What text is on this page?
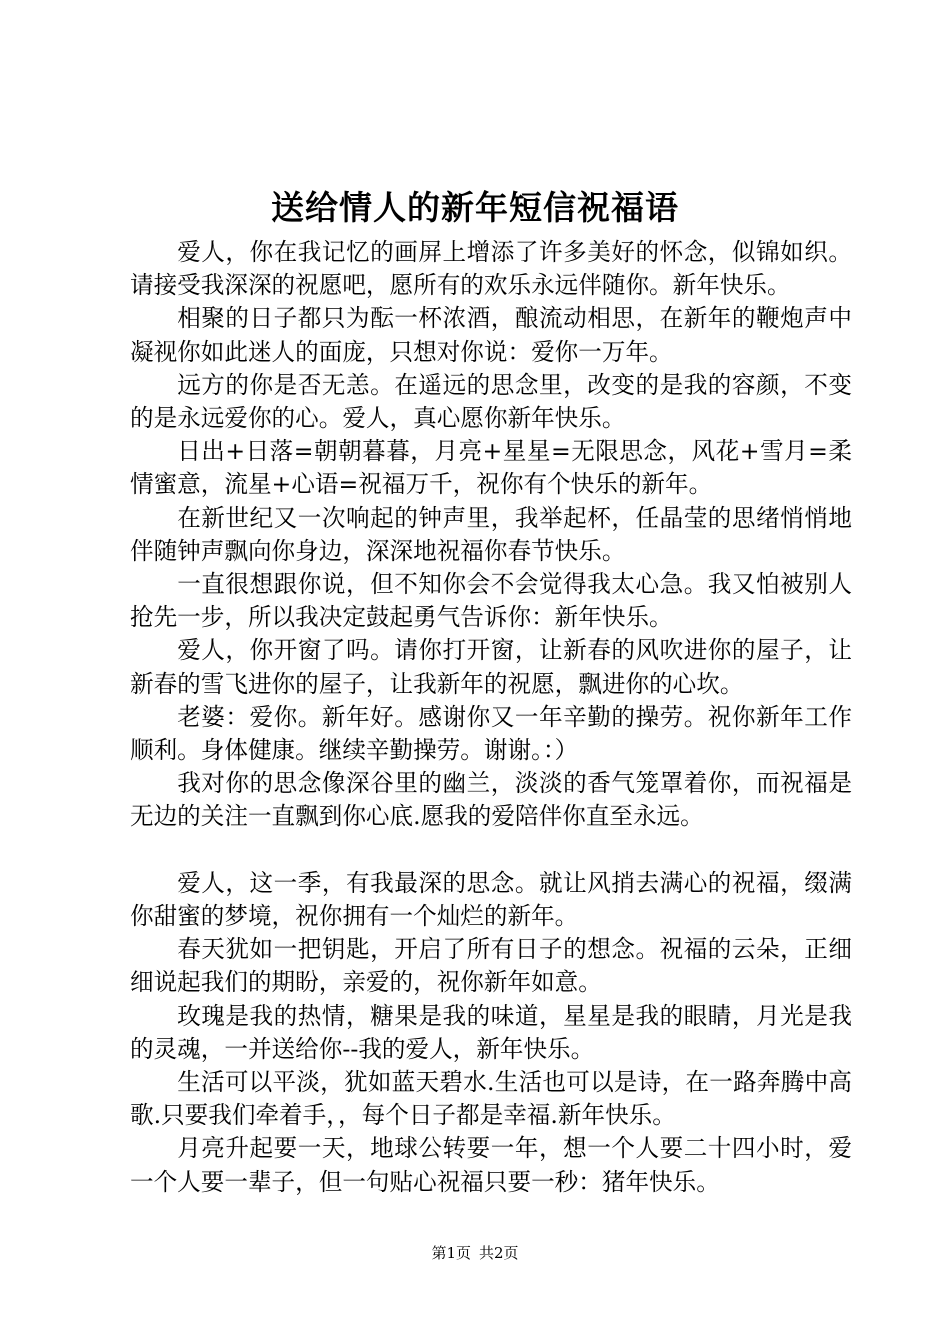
送给情人的新年短信祝福语

爱人，你在我记忆的画屏上增添了许多美好的怀念，似锦如织。请接受我深深的祝愿吧，愿所有的欢乐永远伴随你。新年快乐。

相聚的日子都只为酝一杯浓酒，酿流动相思，在新年的鞭炮声中凝视你如此迷人的面庞，只想对你说：爱你一万年。

远方的你是否无恙。在遥远的思念里，改变的是我的容颜，不变的是永远爱你的心。爱人，真心愿你新年快乐。

日出+日落=朝朝暮暮，月亮+星星=无限思念，风花+雪月=柔情蜜意，流星+心语=祝福万千，祝你有个快乐的新年。

在新世纪又一次响起的钟声里，我举起杯，任晶莹的思绪悄悄地伴随钟声飘向你身边，深深地祝福你春节快乐。

一直很想跟你说，但不知你会不会觉得我太心急。我又怕被别人抢先一步，所以我决定鼓起勇气告诉你：新年快乐。

爱人，你开窗了吗。请你打开窗，让新春的风吹进你的屋子，让新春的雪飞进你的屋子，让我新年的祝愿，飘进你的心坎。

老婆：爱你。新年好。感谢你又一年辛勤的操劳。祝你新年工作顺利。身体健康。继续辛勤操劳。谢谢。：）

我对你的思念像深谷里的幽兰，淡淡的香气笼罩着你，而祝福是无边的关注一直飘到你心底.愿我的爱陪伴你直至永远。

爱人，这一季，有我最深的思念。就让风捎去满心的祝福，缀满你甜蜜的梦境，祝你拥有一个灿烂的新年。

春天犹如一把钥匙，开启了所有日子的想念。祝福的云朵，正细细说起我们的期盼，亲爱的，祝你新年如意。

玫瑰是我的热情，糖果是我的味道，星星是我的眼睛，月光是我的灵魂，一并送给你--我的爱人，新年快乐。

生活可以平淡，犹如蓝天碧水.生活也可以是诗，在一路奔腾中高歌.只要我们牵着手，，每个日子都是幸福.新年快乐。

月亮升起要一天，地球公转要一年，想一个人要二十四小时，爱一个人要一辈子，但一句贴心祝福只要一秒：猪年快乐。

第1页 共2页
